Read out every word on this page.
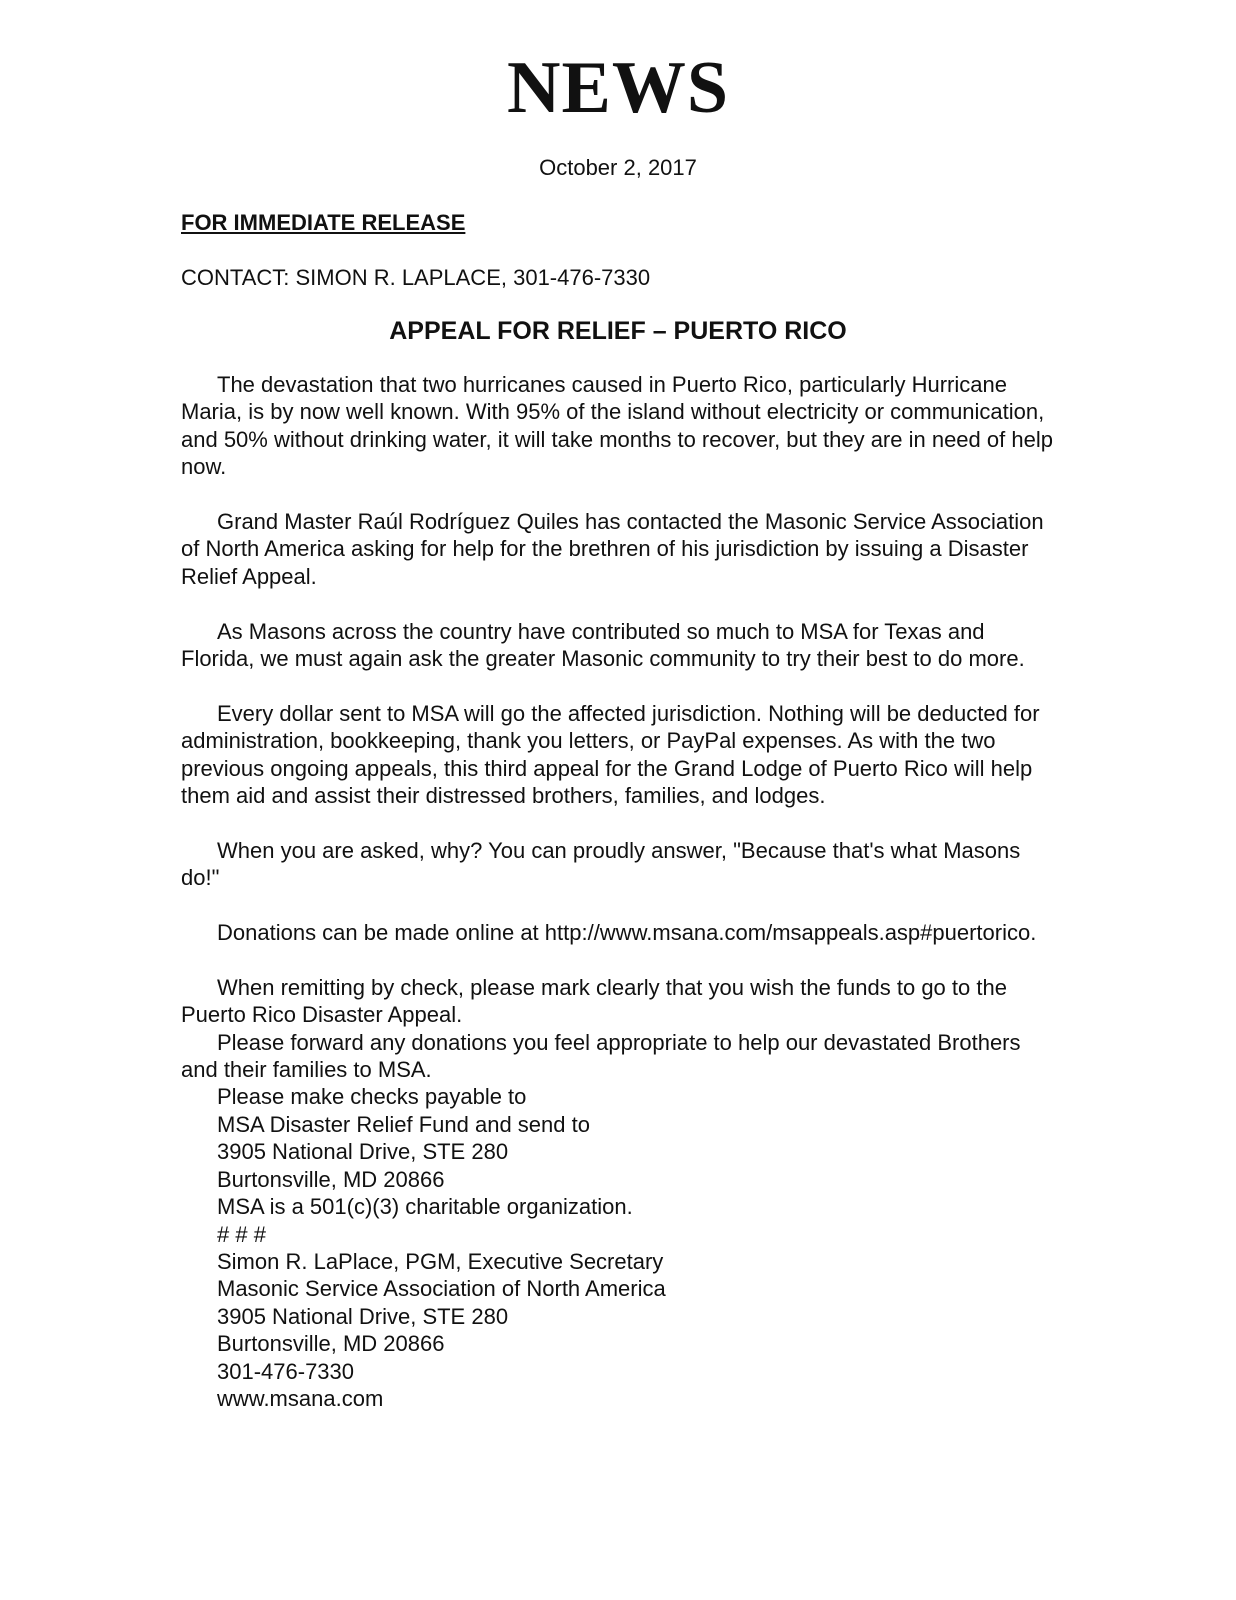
NEWS
October 2, 2017
FOR IMMEDIATE RELEASE
CONTACT: SIMON R. LAPLACE, 301-476-7330
APPEAL FOR RELIEF – PUERTO RICO

The devastation that two hurricanes caused in Puerto Rico, particularly Hurricane Maria, is by now well known. With 95% of the island without electricity or communication, and 50% without drinking water, it will take months to recover, but they are in need of help now.

Grand Master Raúl Rodríguez Quiles has contacted the Masonic Service Association of North America asking for help for the brethren of his jurisdiction by issuing a Disaster Relief Appeal.

As Masons across the country have contributed so much to MSA for Texas and Florida, we must again ask the greater Masonic community to try their best to do more.

Every dollar sent to MSA will go the affected jurisdiction. Nothing will be deducted for administration, bookkeeping, thank you letters, or PayPal expenses. As with the two previous ongoing appeals, this third appeal for the Grand Lodge of Puerto Rico will help them aid and assist their distressed brothers, families, and lodges.

When you are asked, why? You can proudly answer, "Because that's what Masons do!"

Donations can be made online at http://www.msana.com/msappeals.asp#puertorico.

When remitting by check, please mark clearly that you wish the funds to go to the Puerto Rico Disaster Appeal.

Please forward any donations you feel appropriate to help our devastated Brothers and their families to MSA.

Please make checks payable to
MSA Disaster Relief Fund and send to
3905 National Drive, STE 280
Burtonsville, MD 20866
MSA is a 501(c)(3) charitable organization.
# # #
Simon R. LaPlace, PGM, Executive Secretary
Masonic Service Association of North America
3905 National Drive, STE 280
Burtonsville, MD 20866
301-476-7330
www.msana.com
